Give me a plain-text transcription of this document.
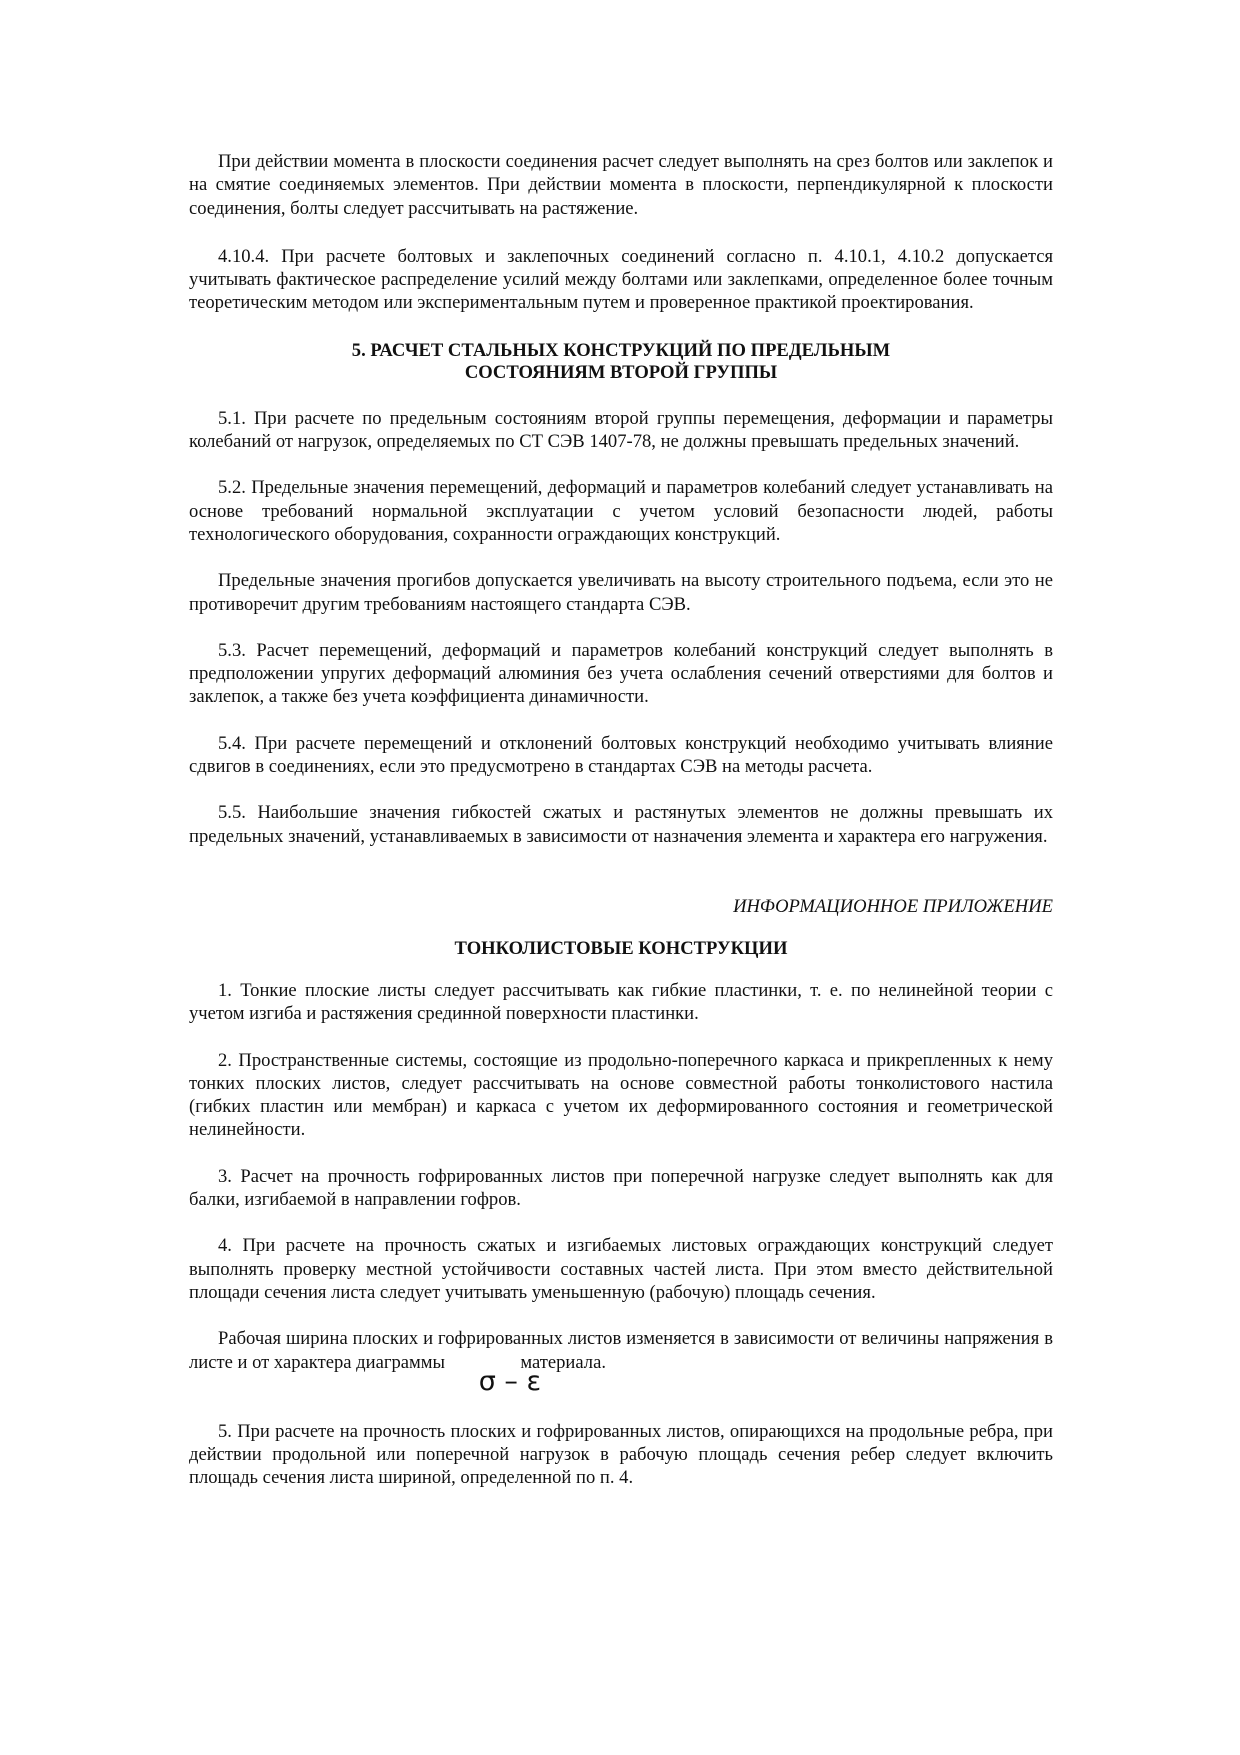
При действии момента в плоскости соединения расчет следует выполнять на срез болтов или заклепок и на смятие соединяемых элементов. При действии момента в плоскости, перпендикулярной к плоскости соединения, болты следует рассчитывать на растяжение.

4.10.4. При расчете болтовых и заклепочных соединений согласно п. 4.10.1, 4.10.2 допускается учитывать фактическое распределение усилий между болтами или заклепками, определенное более точным теоретическим методом или экспериментальным путем и проверенное практикой проектирования.

5. РАСЧЕТ СТАЛЬНЫХ КОНСТРУКЦИЙ ПО ПРЕДЕЛЬНЫМ

СОСТОЯНИЯМ ВТОРОЙ ГРУППЫ

5.1. При расчете по предельным состояниям второй группы перемещения, деформации и параметры колебаний от нагрузок, определяемых по СТ СЭВ 1407-78, не должны превышать предельных значений.

5.2. Предельные значения перемещений, деформаций и параметров колебаний следует устанавливать на основе требований нормальной эксплуатации с учетом условий безопасности людей, работы технологического оборудования, сохранности ограждающих конструкций.

Предельные значения прогибов допускается увеличивать на высоту строительного подъема, если это не противоречит другим требованиям настоящего стандарта СЭВ.

5.3. Расчет перемещений, деформаций и параметров колебаний конструкций следует выполнять в предположении упругих деформаций алюминия без учета ослабления сечений отверстиями для болтов и заклепок, а также без учета коэффициента динамичности.

5.4. При расчете перемещений и отклонений болтовых конструкций необходимо учитывать влияние сдвигов в соединениях, если это предусмотрено в стандартах СЭВ на методы расчета.

5.5. Наибольшие значения гибкостей сжатых и растянутых элементов не должны превышать их предельных значений, устанавливаемых в зависимости от назначения элемента и характера его нагружения.

ИНФОРМАЦИОННОЕ ПРИЛОЖЕНИЕ

ТОНКОЛИСТОВЫЕ КОНСТРУКЦИИ

1. Тонкие плоские листы следует рассчитывать как гибкие пластинки, т. е. по нелинейной теории с учетом изгиба и растяжения срединной поверхности пластинки.

2. Пространственные системы, состоящие из продольно-поперечного каркаса и прикрепленных к нему тонких плоских листов, следует рассчитывать на основе совместной работы тонколистового настила (гибких пластин или мембран) и каркаса с учетом их деформированного состояния и геометрической нелинейности.

3. Расчет на прочность гофрированных листов при поперечной нагрузке следует выполнять как для балки, изгибаемой в направлении гофров.

4. При расчете на прочность сжатых и изгибаемых листовых ограждающих конструкций следует выполнять проверку местной устойчивости составных частей листа. При этом вместо действительной площади сечения листа следует учитывать уменьшенную (рабочую) площадь сечения.

Рабочая ширина плоских и гофрированных листов изменяется в зависимости от величины напряжения в листе и от характера диаграммы
σ – ε
материала.

5. При расчете на прочность плоских и гофрированных листов, опирающихся на продольные ребра, при действии продольной или поперечной нагрузок в рабочую площадь сечения ребер следует включить площадь сечения листа шириной, определенной по п. 4.
